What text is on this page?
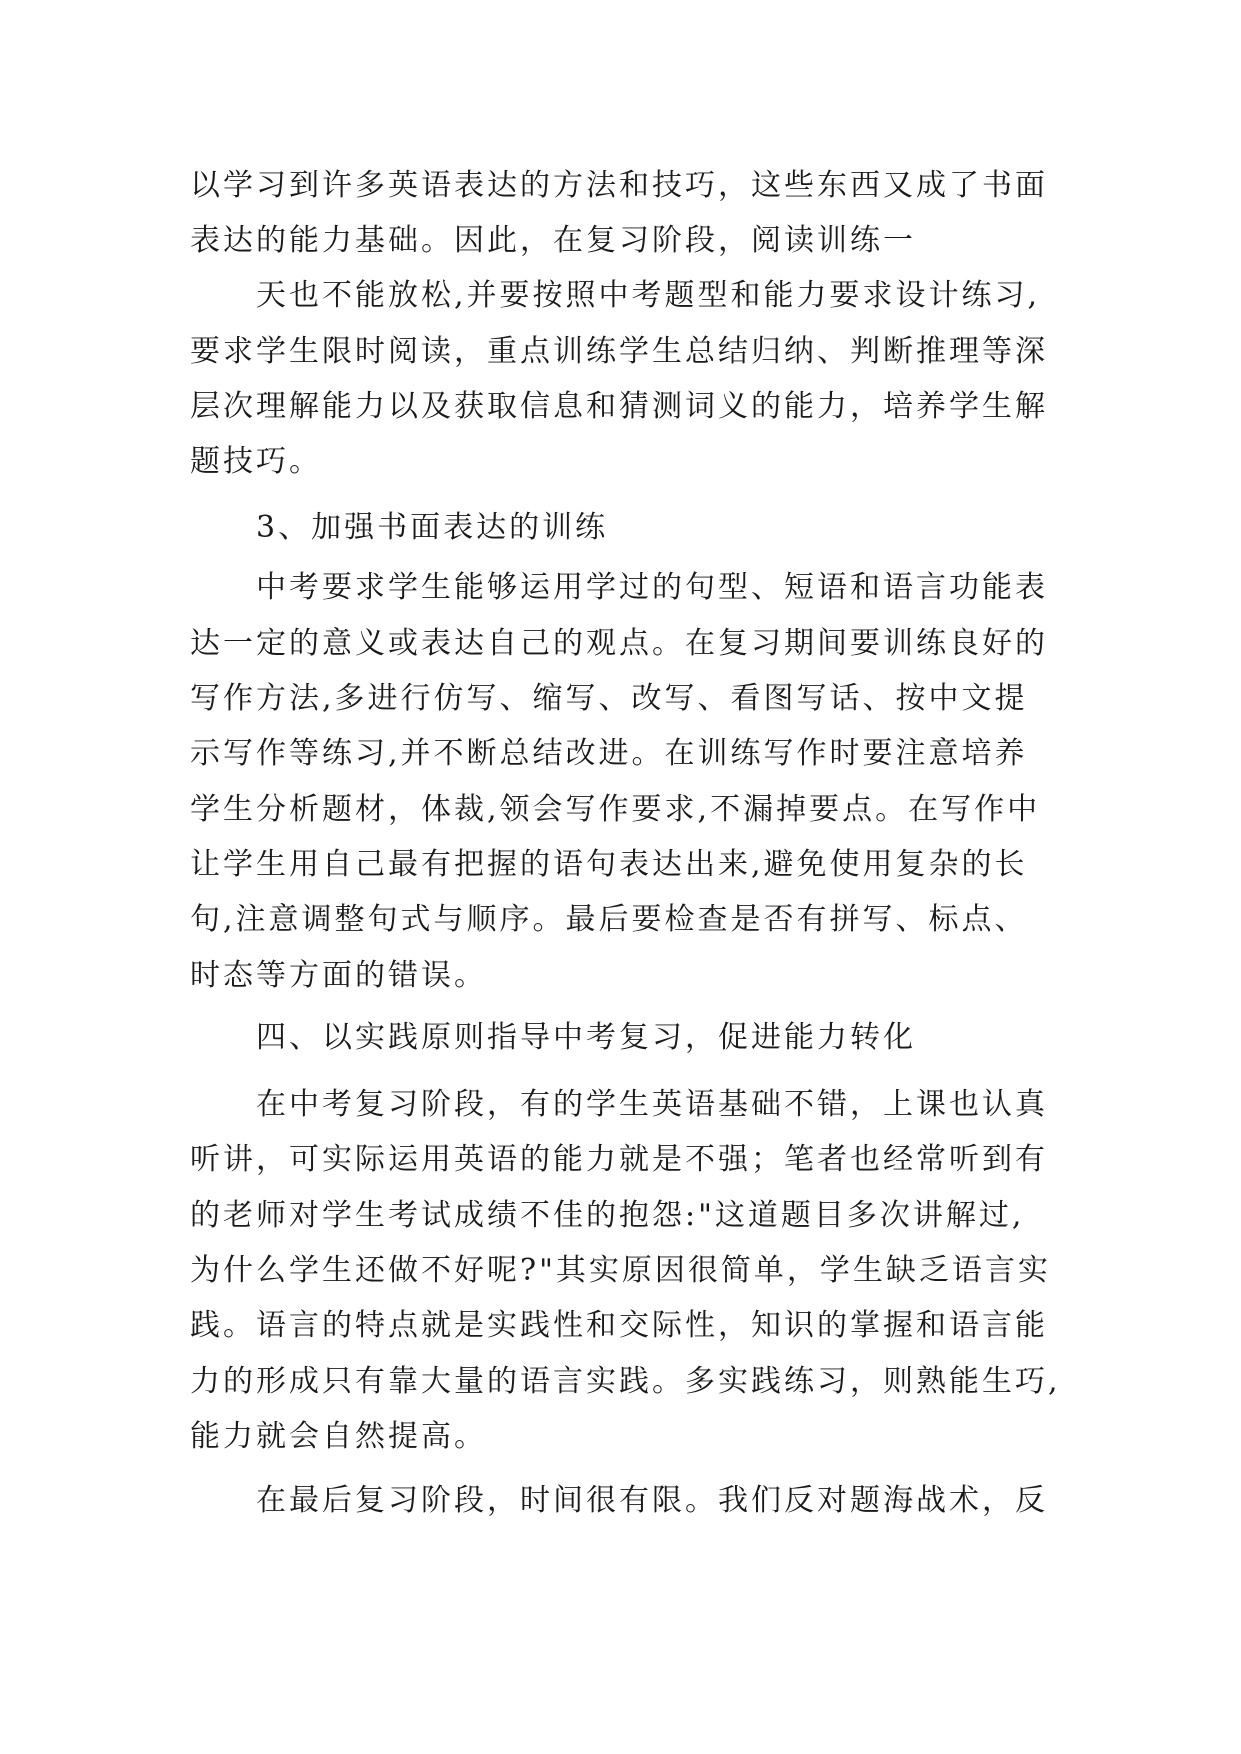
以学习到许多英语表达的方法和技巧，这些东西又成了书面
表达的能力基础。因此，在复习阶段，阅读训练一
天也不能放松,并要按照中考题型和能力要求设计练习,
要求学生限时阅读，重点训练学生总结归纳、判断推理等深
层次理解能力以及获取信息和猜测词义的能力，培养学生解
题技巧。
3、加强书面表达的训练
中考要求学生能够运用学过的句型、短语和语言功能表
达一定的意义或表达自己的观点。在复习期间要训练良好的
写作方法,多进行仿写、缩写、改写、看图写话、按中文提
示写作等练习,并不断总结改进。在训练写作时要注意培养
学生分析题材，体裁,领会写作要求,不漏掉要点。在写作中
让学生用自己最有把握的语句表达出来,避免使用复杂的长
句,注意调整句式与顺序。最后要检查是否有拼写、标点、
时态等方面的错误。
四、以实践原则指导中考复习，促进能力转化
在中考复习阶段，有的学生英语基础不错，上课也认真
听讲，可实际运用英语的能力就是不强；笔者也经常听到有
的老师对学生考试成绩不佳的抱怨:"这道题目多次讲解过,
为什么学生还做不好呢?"其实原因很简单，学生缺乏语言实
践。语言的特点就是实践性和交际性，知识的掌握和语言能
力的形成只有靠大量的语言实践。多实践练习，则熟能生巧,
能力就会自然提高。
在最后复习阶段，时间很有限。我们反对题海战术，反
